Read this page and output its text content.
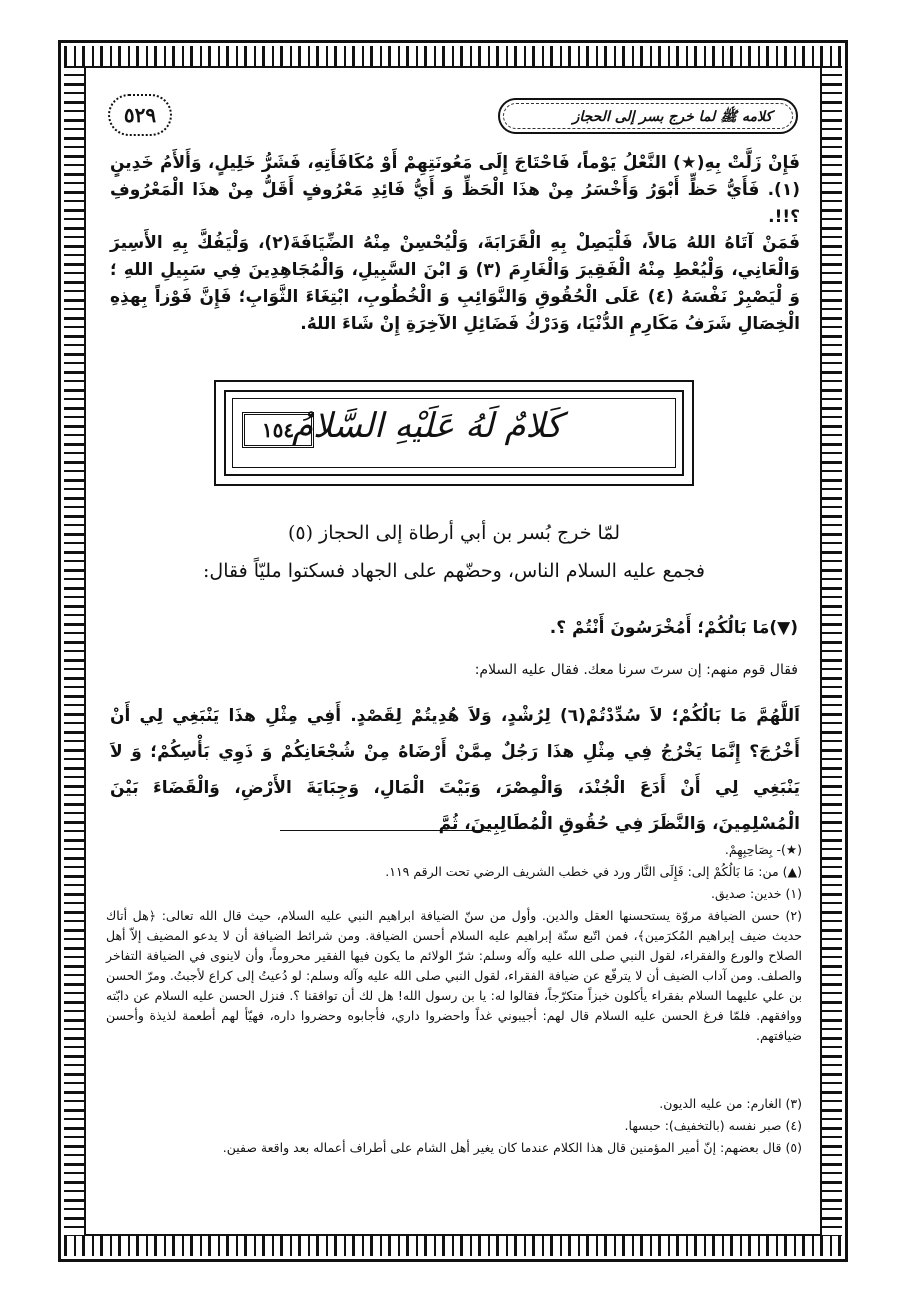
كلامه ﷺ لما خرج بسر إلى الحجاز
٥٢٩
فَإِنْ زَلَّتْ بِهِ(★) النَّعْلُ يَوْماً، فَاحْتَاجَ إِلَى مَعُونَتِهِمْ أَوْ مُكَافَأَتِهِ، فَشَرُّ خَلِيلٍ، وَأَلأَمُ خَدِينٍ (١). فَأَيُّ حَظٍّ أَبْوَرُ وَأَخْسَرُ مِنْ هذَا الْحَظِّ وَ أَيُّ فَائِدِ مَعْرُوفٍ أَقَلُّ مِنْ هذَا الْمَعْرُوفِ ؟!!.
فَمَنْ آتَاهُ اللهُ مَالاً، فَلْيَصِلْ بِهِ الْقَرَابَةَ، وَلْيُحْسِنْ مِنْهُ الضِّيَافَةَ(٢)، وَلْيَفُكَّ بِهِ الأَسِيرَ وَالْعَانِي، وَلْيُعْطِ مِنْهُ الْفَقِيرَ وَالْغَارِمَ (٣) وَ ابْنَ السَّبِيلِ، وَالْمُجَاهِدِينَ فِي سَبِيلِ اللهِ ؛ وَ لْيَصْبِرْ نَفْسَهُ (٤) عَلَى الْحُقُوقِ وَالنَّوَائِبِ وَ الْخُطُوبِ، ابْتِغَاءَ الثَّوَابِ؛ فَإِنَّ فَوْزاً بِهذِهِ الْخِصَالِ شَرَفُ مَكَارِمِ الدُّنْيَا، وَدَرْكُ فَضَائِلِ الآخِرَةِ إِنْ شَاءَ اللهُ.
كَلامٌ لَهُ عَلَيْهِ السَّلامُ
١٥٤
لمّا خرج بُسر بن أبي أرطاة إلى الحجاز (٥)
فجمع عليه السلام الناس، وحضّهم على الجهاد فسكتوا مليّاً فقال:
(▼)مَا بَالُكُمْ؛ أَمُخْرَسُونَ أَنْتُمْ ؟.
فقال قوم منهم: إن سرتَ سرنا معك. فقال عليه السلام:
اَللَّهُمَّ مَا بَالُكُمْ؛ لاَ سُدِّدْتُمْ(٦) لِرُشْدٍ، وَلاَ هُدِيتُمْ لِقَصْدٍ. أَفِي مِثْلِ هذَا يَنْبَغِي لِي أَنْ أَخْرُجَ؟ إِنَّمَا يَخْرُجُ فِي مِثْلِ هذَا رَجُلٌ مِمَّنْ أَرْضَاهُ مِنْ شُجْعَانِكُمْ وَ ذَوِي بَأْسِكُمْ؛ وَ لاَ يَنْبَغِي لِي أَنْ أَدَعَ الْجُنْدَ، وَالْمِصْرَ، وَبَيْتَ الْمَالِ، وَجِبَايَةَ الأَرْضِ، وَالْقَضَاءَ بَيْنَ الْمُسْلِمِينَ، وَالنَّظَرَ فِي حُقُوقِ الْمُطَالِبِينَ، ثُمَّ
(★)- بِصَاحِبِهِمْ.
(▲) من: مَا بَالُكُمْ إلى: فَإِلَى النَّار ورد في خطب الشريف الرضي تحت الرقم ١١٩.
(١) خدين: صديق.
(٢) حسن الضيافة مروّة يستحسنها العقل والدين. وأول من سنّ الضيافة ابراهيم النبي عليه السلام، حيث قال الله تعالى: ﴿هل أتاك حديث ضيف إبراهيم المُكرَمين﴾، فمن اتّبع سنّة إبراهيم عليه السلام أحسن الضيافة. ومن شرائط الضيافة أن لا يدعو المضيف إلاّ أهل الصلاح والورع والفقراء، لقول النبي صلى الله عليه وآله وسلم: شرّ الولائم ما يكون فيها الفقير محروماً، وأن لاينوى في الضيافة التفاخر والصلف. ومن آداب الضيف أن لا يترفّع عن ضيافة الفقراء، لقول النبي صلى الله عليه وآله وسلم: لو دُعيتُ إلى كراع لأجبتُ. ومرّ الحسن بن علي عليهما السلام بفقراء يأكلون خبزاً متكرّجاً، فقالوا له: يا بن رسول الله! هل لك أن توافقنا ؟. فنزل الحسن عليه السلام عن دابّته ووافقهم. فلمّا فرغ الحسن عليه السلام قال لهم: أجيبوني غداً واحضروا داري، فأجابوه وحضروا داره، فهيّأ لهم أطعمة لذيذة وأحسن ضيافتهم.
(٣) الغارم: من عليه الديون.
(٤) صبر نفسه (بالتخفيف): حبسها.
(٥) قال بعضهم: إنّ أمير المؤمنين قال هذا الكلام عندما كان يغير أهل الشام على أطراف أعماله بعد واقعة صفين.
